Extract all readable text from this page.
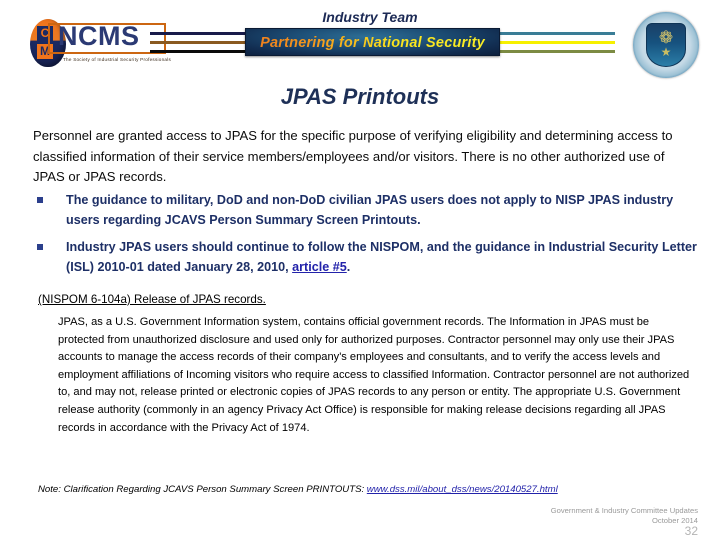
C
M NCMS
The Society of Industrial Security Professionals
Industry Team
Partnering for National Security	❁
★
JPAS Printouts
Personnel are granted access to JPAS for the specific purpose of verifying eligibility and determining access to classified information of their service members/employees and/or visitors. There is no other authorized use of JPAS or JPAS records.
The guidance to military, DoD and non-DoD civilian JPAS users does not apply to NISP JPAS industry users regarding JCAVS Person Summary Screen Printouts.
Industry JPAS users should continue to follow the NISPOM, and the guidance in Industrial Security Letter (ISL) 2010-01 dated January 28, 2010, article #5.
(NISPOM 6-104a) Release of JPAS records.
JPAS, as a U.S. Government Information system, contains official government records. The Information in JPAS must be protected from unauthorized disclosure and used only for authorized purposes. Contractor personnel may only use their JPAS accounts to manage the access records of their company's employees and consultants, and to verify the access levels and employment affiliations of Incoming visitors who require access to classified Information. Contractor personnel are not authorized to, and may not, release printed or electronic copies of JPAS records to any person or entity. The appropriate U.S. Government release authority (commonly in an agency Privacy Act Office) is responsible for making release decisions regarding all JPAS records in accordance with the Privacy Act of 1974.
Note: Clarification Regarding JCAVS Person Summary Screen PRINTOUTS: www.dss.mil/about_dss/news/20140527.html
Government & Industry Committee Updates
October 2014
32
